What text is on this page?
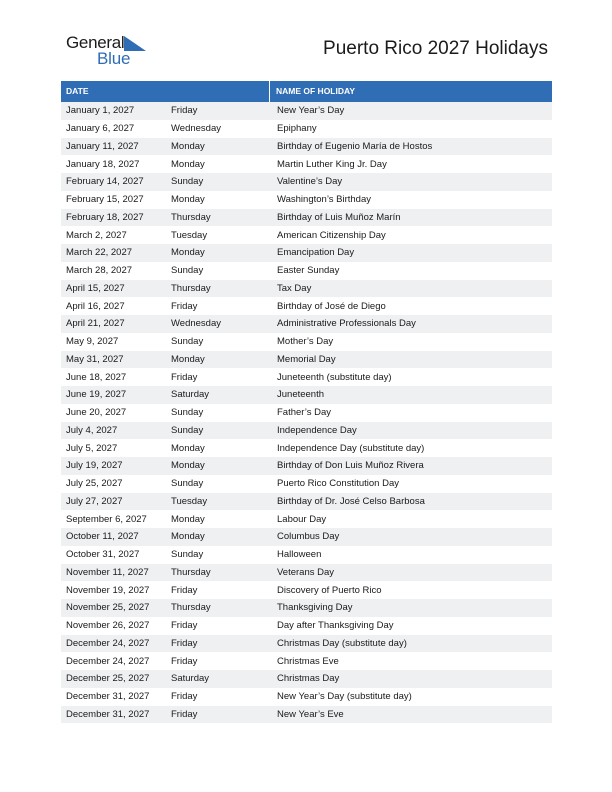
General
Blue	Puerto Rico 2027 Holidays
DATE	NAME OF HOLIDAY
January 1, 2027	Friday	New Year’s Day
January 6, 2027	Wednesday	Epiphany
January 11, 2027	Monday	Birthday of Eugenio María de Hostos
January 18, 2027	Monday	Martin Luther King Jr. Day
February 14, 2027	Sunday	Valentine’s Day
February 15, 2027	Monday	Washington’s Birthday
February 18, 2027	Thursday	Birthday of Luis Muñoz Marín
March 2, 2027	Tuesday	American Citizenship Day
March 22, 2027	Monday	Emancipation Day
March 28, 2027	Sunday	Easter Sunday
April 15, 2027	Thursday	Tax Day
April 16, 2027	Friday	Birthday of José de Diego
April 21, 2027	Wednesday	Administrative Professionals Day
May 9, 2027	Sunday	Mother’s Day
May 31, 2027	Monday	Memorial Day
June 18, 2027	Friday	Juneteenth (substitute day)
June 19, 2027	Saturday	Juneteenth
June 20, 2027	Sunday	Father’s Day
July 4, 2027	Sunday	Independence Day
July 5, 2027	Monday	Independence Day (substitute day)
July 19, 2027	Monday	Birthday of Don Luis Muñoz Rivera
July 25, 2027	Sunday	Puerto Rico Constitution Day
July 27, 2027	Tuesday	Birthday of Dr. José Celso Barbosa
September 6, 2027	Monday	Labour Day
October 11, 2027	Monday	Columbus Day
October 31, 2027	Sunday	Halloween
November 11, 2027	Thursday	Veterans Day
November 19, 2027	Friday	Discovery of Puerto Rico
November 25, 2027	Thursday	Thanksgiving Day
November 26, 2027	Friday	Day after Thanksgiving Day
December 24, 2027	Friday	Christmas Day (substitute day)
December 24, 2027	Friday	Christmas Eve
December 25, 2027	Saturday	Christmas Day
December 31, 2027	Friday	New Year’s Day (substitute day)
December 31, 2027	Friday	New Year’s Eve
